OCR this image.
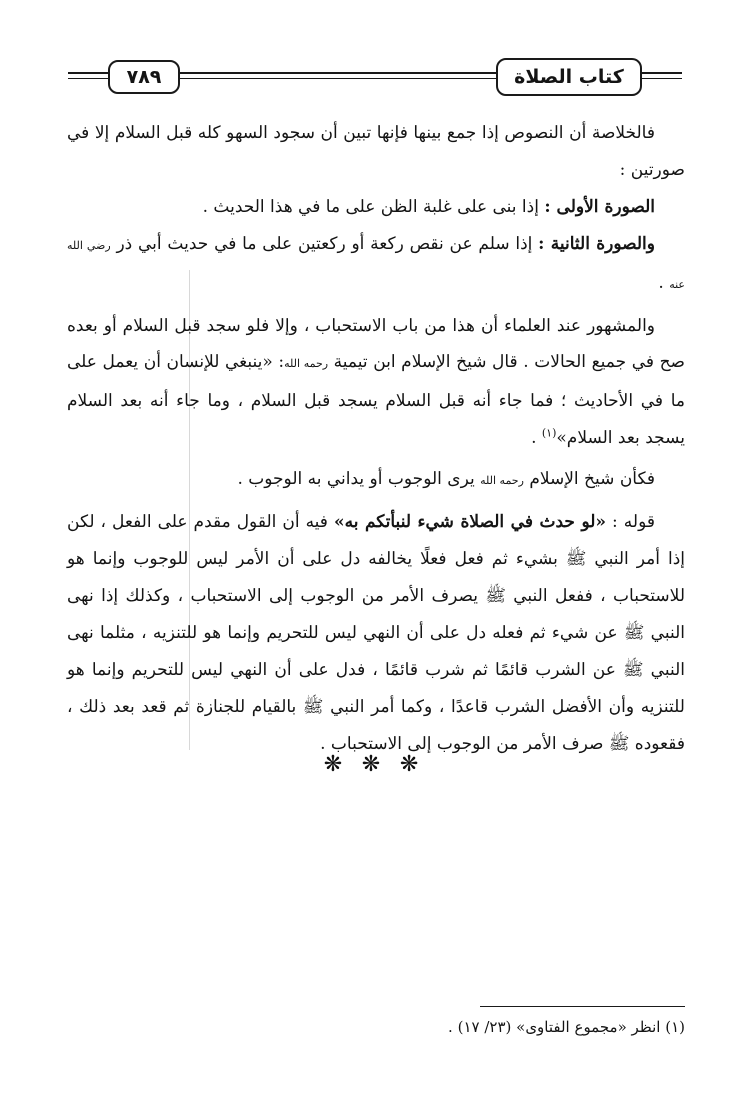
٧٨٩	كتاب الصلاة

فالخلاصة أن النصوص إذا جمع بينها فإنها تبين أن سجود السهو كله قبل السلام إلا في صورتين :

الصورة الأولى : إذا بنى على غلبة الظن على ما في هذا الحديث .

والصورة الثانية : إذا سلم عن نقص ركعة أو ركعتين على ما في حديث أبي ذر رضي الله عنه .

والمشهور عند العلماء أن هذا من باب الاستحباب ، وإلا فلو سجد قبل السلام أو بعده صح في جميع الحالات . قال شيخ الإسلام ابن تيمية رحمه الله: «ينبغي للإنسان أن يعمل على ما في الأحاديث ؛ فما جاء أنه قبل السلام يسجد قبل السلام ، وما جاء أنه بعد السلام يسجد بعد السلام»$^{(١)}$ .

فكأن شيخ الإسلام رحمه الله يرى الوجوب أو يداني به الوجوب .

قوله : «لو حدث في الصلاة شيء لنبأتكم به» فيه أن القول مقدم على الفعل ، لكن إذا أمر النبي ﷺ بشيء ثم فعل فعلًا يخالفه دل على أن الأمر ليس للوجوب وإنما هو للاستحباب ، ففعل النبي ﷺ يصرف الأمر من الوجوب إلى الاستحباب ، وكذلك إذا نهى النبي ﷺ عن شيء ثم فعله دل على أن النهي ليس للتحريم وإنما هو للتنزيه ، مثلما نهى النبي ﷺ عن الشرب قائمًا ثم شرب قائمًا ، فدل على أن النهي ليس للتحريم وإنما هو للتنزيه وأن الأفضل الشرب قاعدًا ، وكما أمر النبي ﷺ بالقيام للجنازة ثم قعد بعد ذلك ، فقعوده ﷺ صرف الأمر من الوجوب إلى الاستحباب .

❋ ❋ ❋
(١) انظر «مجموع الفتاوى» (٢٣/ ١٧) .
